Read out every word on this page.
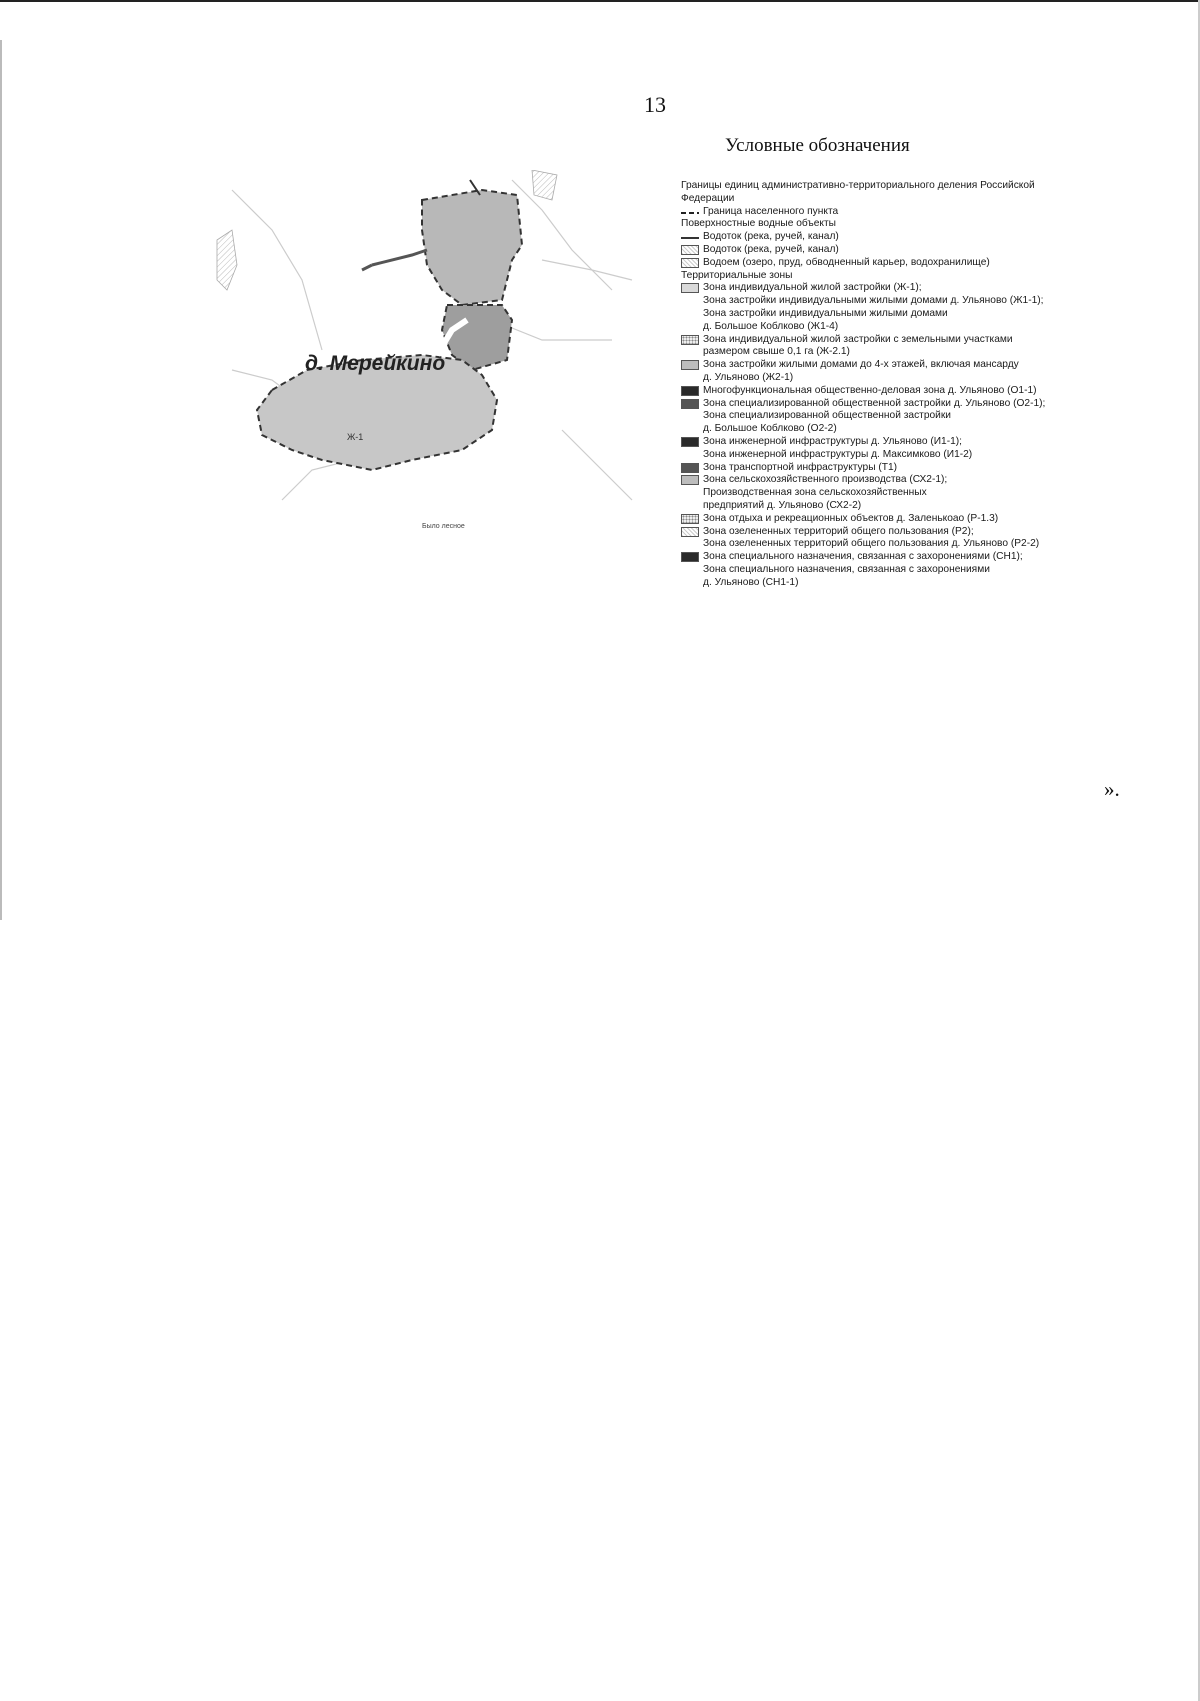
13
Условные обозначения
д. Мерейкино
Ж-1
Было лесное
Границы единиц административно-территориального деления Российской Федерации
Граница населенного пункта
Поверхностные водные объекты
Водоток (река, ручей, канал)
Водоток (река, ручей, канал)
Водоем (озеро, пруд, обводненный карьер, водохранилище)
Территориальные зоны
Зона индивидуальной жилой застройки (Ж-1);
Зона застройки индивидуальными жилыми домами д. Ульяново (Ж1-1);
Зона застройки индивидуальными жилыми домами
д. Большое Коблково (Ж1-4)
Зона индивидуальной жилой застройки с земельными участками
размером свыше 0,1 га (Ж-2.1)
Зона застройки жилыми домами до 4-х этажей, включая мансарду
д. Ульяново (Ж2-1)
Многофункциональная общественно-деловая зона д. Ульяново (О1-1)
Зона специализированной общественной застройки д. Ульяново (О2-1);
Зона специализированной общественной застройки
д. Большое Коблково (О2-2)
Зона инженерной инфраструктуры д. Ульяново (И1-1);
Зона инженерной инфраструктуры д. Максимково (И1-2)
Зона транспортной инфраструктуры (Т1)
Зона сельскохозяйственного производства (СХ2-1);
Производственная зона сельскохозяйственных
предприятий д. Ульяново (СХ2-2)
Зона отдыха и рекреационных объектов д. Заленькоао (Р-1.3)
Зона озелененных территорий общего пользования (Р2);
Зона озелененных территорий общего пользования д. Ульяново (Р2-2)
Зона специального назначения, связанная с захоронениями (СН1);
Зона специального назначения, связанная с захоронениями
д. Ульяново (СН1-1)
».
